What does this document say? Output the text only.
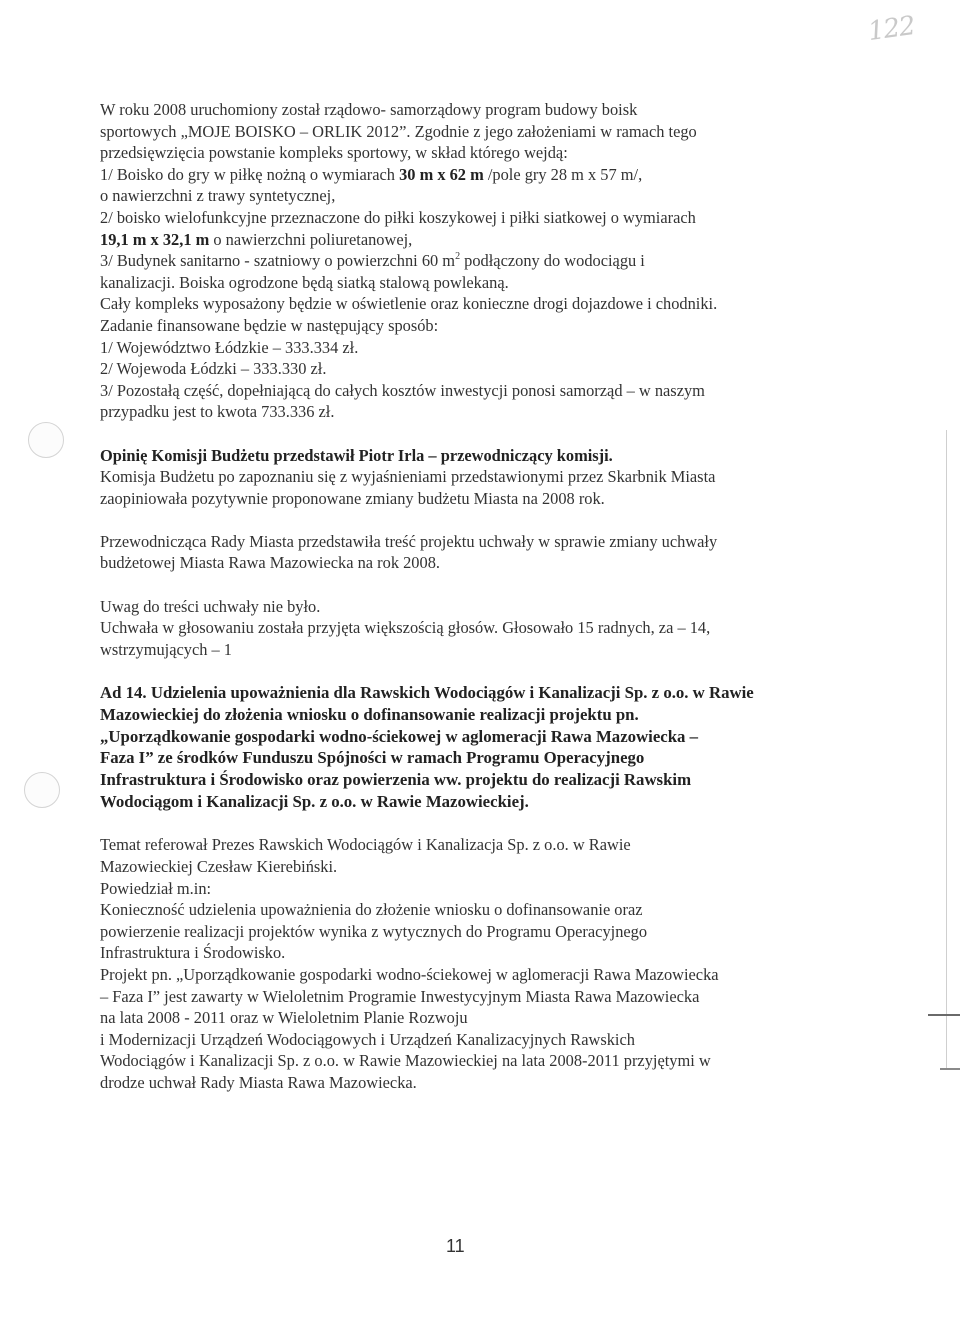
122
W roku 2008 uruchomiony został rządowo- samorządowy program budowy boisk
sportowych „MOJE BOISKO – ORLIK 2012”. Zgodnie z jego założeniami w ramach tego
przedsięwzięcia powstanie kompleks sportowy, w skład którego wejdą:
1/ Boisko do gry w piłkę nożną o wymiarach 30 m x 62 m /pole gry 28 m x 57 m/,
o nawierzchni z trawy syntetycznej,
2/ boisko wielofunkcyjne przeznaczone do piłki koszykowej i piłki siatkowej o wymiarach
19,1 m x 32,1 m o nawierzchni poliuretanowej,
3/ Budynek sanitarno - szatniowy o powierzchni 60 $m^2$ podłączony do wodociągu i
kanalizacji. Boiska ogrodzone będą siatką stalową powlekaną.
Cały kompleks wyposażony będzie w oświetlenie oraz konieczne drogi dojazdowe i chodniki.
Zadanie finansowane będzie w następujący sposób:
1/ Województwo Łódzkie – 333.334 zł.
2/ Wojewoda Łódzki – 333.330 zł.
3/ Pozostałą część, dopełniającą do całych kosztów inwestycji ponosi samorząd – w naszym
przypadku jest to kwota 733.336 zł.
Opinię Komisji Budżetu przedstawił Piotr Irla – przewodniczący komisji.
Komisja Budżetu po zapoznaniu się z wyjaśnieniami przedstawionymi przez Skarbnik Miasta
zaopiniowała pozytywnie proponowane zmiany budżetu Miasta na 2008 rok.
Przewodnicząca Rady Miasta przedstawiła treść projektu uchwały w sprawie zmiany uchwały
budżetowej Miasta Rawa Mazowiecka na rok 2008.
Uwag do treści uchwały nie było.
Uchwała w głosowaniu została przyjęta większością głosów. Głosowało 15 radnych, za – 14,
wstrzymujących – 1
Ad 14. Udzielenia upoważnienia dla Rawskich Wodociągów i Kanalizacji Sp. z o.o. w Rawie
Mazowieckiej do złożenia wniosku o dofinansowanie realizacji projektu pn.
„Uporządkowanie gospodarki wodno-ściekowej w aglomeracji Rawa Mazowiecka –
Faza I” ze środków Funduszu Spójności w ramach Programu Operacyjnego
Infrastruktura i Środowisko oraz powierzenia ww. projektu do realizacji Rawskim
Wodociągom i Kanalizacji Sp. z o.o. w Rawie Mazowieckiej.
Temat referował Prezes Rawskich Wodociągów i Kanalizacja Sp. z o.o. w Rawie
Mazowieckiej Czesław Kierebiński.
Powiedział m.in:
Konieczność udzielenia upoważnienia do złożenie wniosku o dofinansowanie oraz
powierzenie realizacji projektów wynika z wytycznych do Programu Operacyjnego
Infrastruktura i Środowisko.
Projekt pn. „Uporządkowanie gospodarki wodno-ściekowej w aglomeracji Rawa Mazowiecka
– Faza I” jest zawarty w Wieloletnim Programie Inwestycyjnym Miasta Rawa Mazowiecka
na lata 2008 - 2011 oraz w Wieloletnim Planie Rozwoju
i Modernizacji Urządzeń Wodociągowych i Urządzeń Kanalizacyjnych Rawskich
Wodociągów i Kanalizacji Sp. z o.o. w Rawie Mazowieckiej na lata 2008-2011 przyjętymi w
drodze uchwał Rady Miasta Rawa Mazowiecka.
11
